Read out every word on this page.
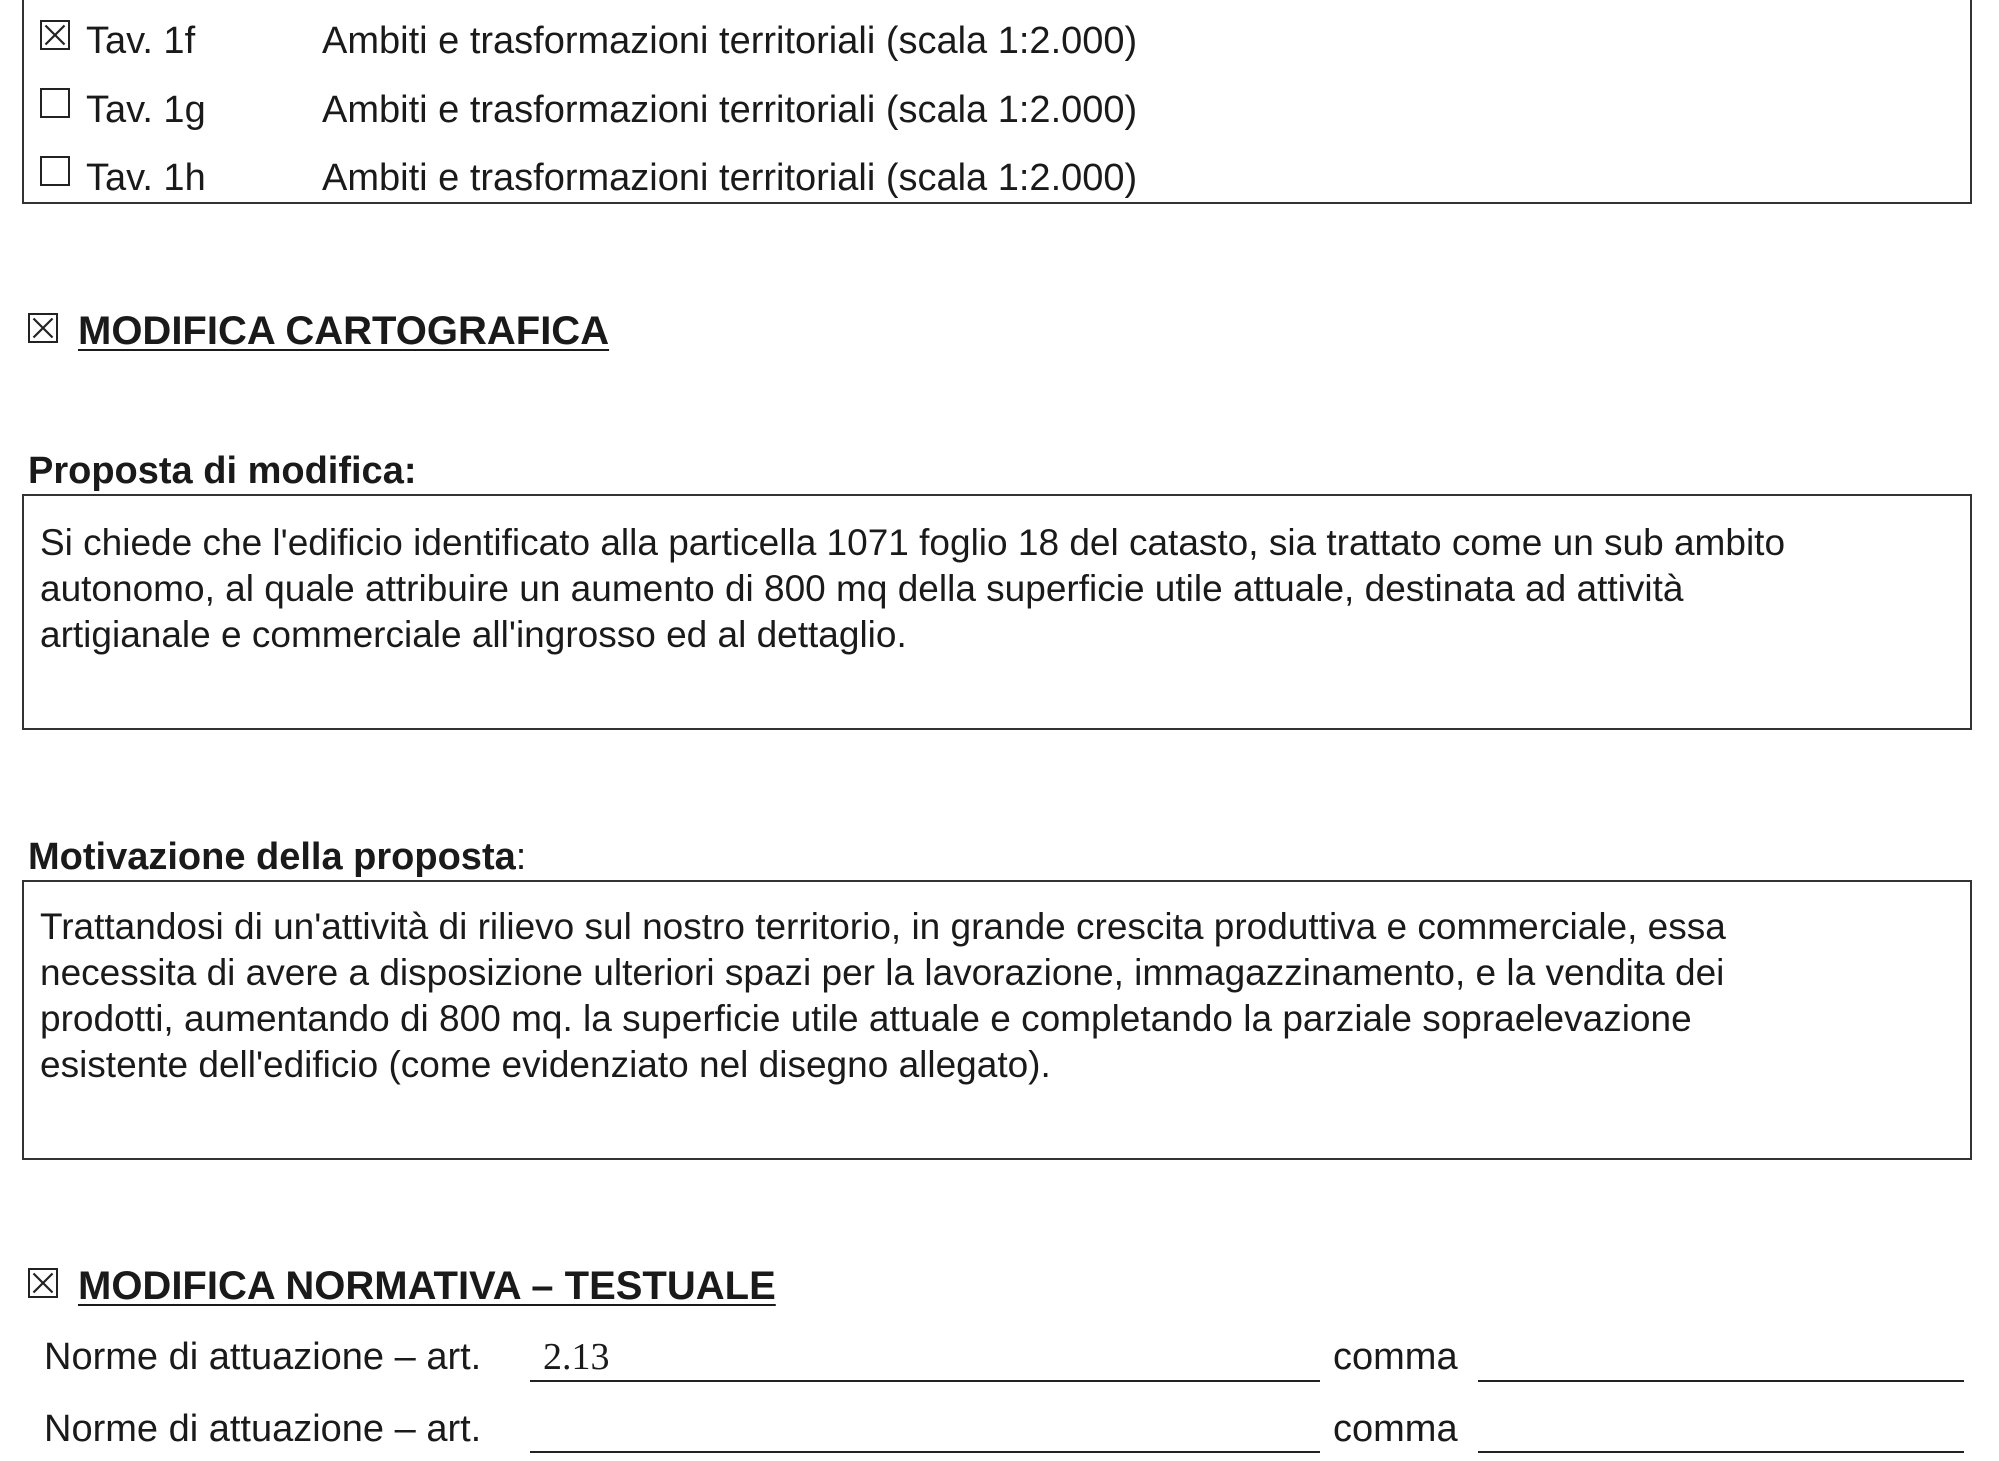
Tav. 1f	Ambiti e trasformazioni territoriali (scala 1:2.000)
Tav. 1g	Ambiti e trasformazioni territoriali (scala 1:2.000)
Tav. 1h	Ambiti e trasformazioni territoriali (scala 1:2.000)
MODIFICA CARTOGRAFICA
Proposta di modifica:
Si chiede che l'edificio identificato alla particella 1071 foglio 18 del catasto, sia trattato come un sub ambito
autonomo, al quale attribuire un aumento di 800 mq della superficie utile attuale, destinata ad attività
artigianale e commerciale all'ingrosso ed al dettaglio.
Motivazione della proposta:
Trattandosi di un'attività di rilievo sul nostro territorio, in grande crescita produttiva e commerciale, essa
necessita di avere a disposizione ulteriori spazi per la lavorazione, immagazzinamento, e la vendita dei
prodotti, aumentando di 800 mq. la superficie utile attuale e completando la parziale sopraelevazione
esistente dell'edificio (come evidenziato nel disegno allegato).
MODIFICA NORMATIVA – TESTUALE
Norme di attuazione – art. 2.13	comma
Norme di attuazione – art.	comma
